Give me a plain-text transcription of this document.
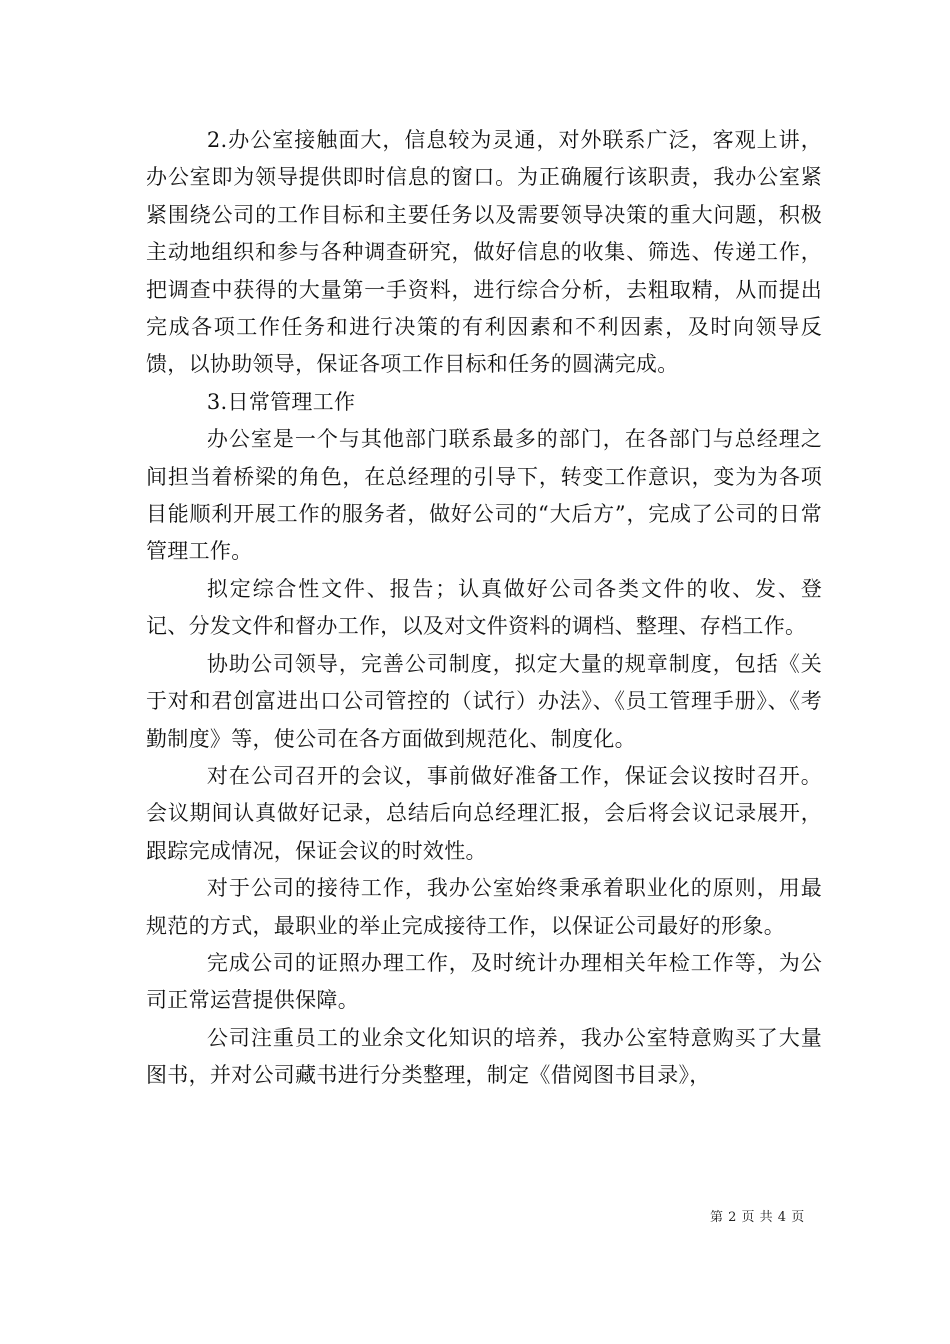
2.办公室接触面大，信息较为灵通，对外联系广泛，客观上讲，办公室即为领导提供即时信息的窗口。为正确履行该职责，我办公室紧紧围绕公司的工作目标和主要任务以及需要领导决策的重大问题，积极主动地组织和参与各种调查研究，做好信息的收集、筛选、传递工作，把调查中获得的大量第一手资料，进行综合分析，去粗取精，从而提出完成各项工作任务和进行决策的有利因素和不利因素，及时向领导反馈，以协助领导，保证各项工作目标和任务的圆满完成。

3.日常管理工作

办公室是一个与其他部门联系最多的部门，在各部门与总经理之间担当着桥梁的角色，在总经理的引导下，转变工作意识，变为为各项目能顺利开展工作的服务者，做好公司的“大后方”，完成了公司的日常管理工作。

拟定综合性文件、报告；认真做好公司各类文件的收、发、登记、分发文件和督办工作，以及对文件资料的调档、整理、存档工作。

协助公司领导，完善公司制度，拟定大量的规章制度，包括《关于对和君创富进出口公司管控的（试行）办法》、《员工管理手册》、《考勤制度》等，使公司在各方面做到规范化、制度化。

对在公司召开的会议，事前做好准备工作，保证会议按时召开。会议期间认真做好记录，总结后向总经理汇报，会后将会议记录展开，跟踪完成情况，保证会议的时效性。

对于公司的接待工作，我办公室始终秉承着职业化的原则，用最规范的方式，最职业的举止完成接待工作，以保证公司最好的形象。

完成公司的证照办理工作，及时统计办理相关年检工作等，为公司正常运营提供保障。

公司注重员工的业余文化知识的培养，我办公室特意购买了大量图书，并对公司藏书进行分类整理，制定《借阅图书目录》，

第 2 页 共 4 页
